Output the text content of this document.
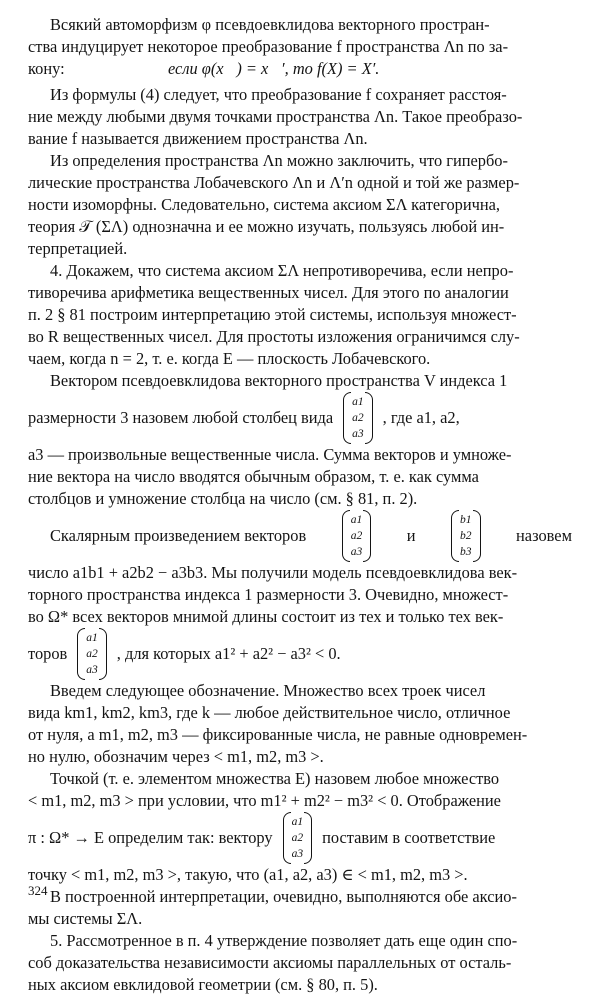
Всякий автоморфизм φ псевдоевклидова векторного простран-
ства индуцирует некоторое преобразование f пространства Λn по за-

кону:	если φ(x⃗) = x⃗′, то f(X) = X′.

Из формулы (4) следует, что преобразование f сохраняет расстоя-
ние между любыми двумя точками пространства Λn. Такое преобразо-
вание f называется движением пространства Λn.

Из определения пространства Λn можно заключить, что гипербо-
лические пространства Лобачевского Λn и Λ′n одной и той же размер-
ности изоморфны. Следовательно, система аксиом ΣΛ категорична,
теория 𝒯 (ΣΛ) однозначна и ее можно изучать, пользуясь любой ин-
терпретацией.

4. Докажем, что система аксиом ΣΛ непротиворечива, если непро-
тиворечива арифметика вещественных чисел. Для этого по аналогии
п. 2 § 81 построим интерпретацию этой системы, используя множест-
во R вещественных чисел. Для простоты изложения ограничимся слу-
чаем, когда n = 2, т. е. когда E — плоскость Лобачевского.

Вектором псевдоевклидова векторного пространства V индекса 1

размерности 3 назовем любой столбец вида
a1
a2
a3
, где a1, a2,

a3 — произвольные вещественные числа. Сумма векторов и умноже-
ние вектора на число вводятся обычным образом, т. е. как сумма
столбцов и умножение столбца на число (см. § 81, п. 2).

Скалярным произведением векторов
a1
a2
a3
и
b1
b2
b3
назовем

число a1b1 + a2b2 − a3b3. Мы получили модель псевдоевклидова век-
торного пространства индекса 1 размерности 3. Очевидно, множест-
во Ω* всех векторов мнимой длины состоит из тех и только тех век-

торов
a1
a2
a3
, для которых a1² + a2² − a3² < 0.

Введем следующее обозначение. Множество всех троек чисел
вида km1, km2, km3, где k — любое действительное число, отличное
от нуля, а m1, m2, m3 — фиксированные числа, не равные одновремен-
но нулю, обозначим через < m1, m2, m3 >.

Точкой (т. е. элементом множества E) назовем любое множество
< m1, m2, m3 > при условии, что m1² + m2² − m3² < 0. Отображение

π : Ω* → E определим так: вектору
a1
a2
a3
поставим в соответствие

точку < m1, m2, m3 >, такую, что (a1, a2, a3) ∈ < m1, m2, m3 >.

В построенной интерпретации, очевидно, выполняются обе аксио-
мы системы ΣΛ.

5. Рассмотренное в п. 4 утверждение позволяет дать еще один спо-
соб доказательства независимости аксиомы параллельных от осталь-
ных аксиом евклидовой геометрии (см. § 80, п. 5).

324
